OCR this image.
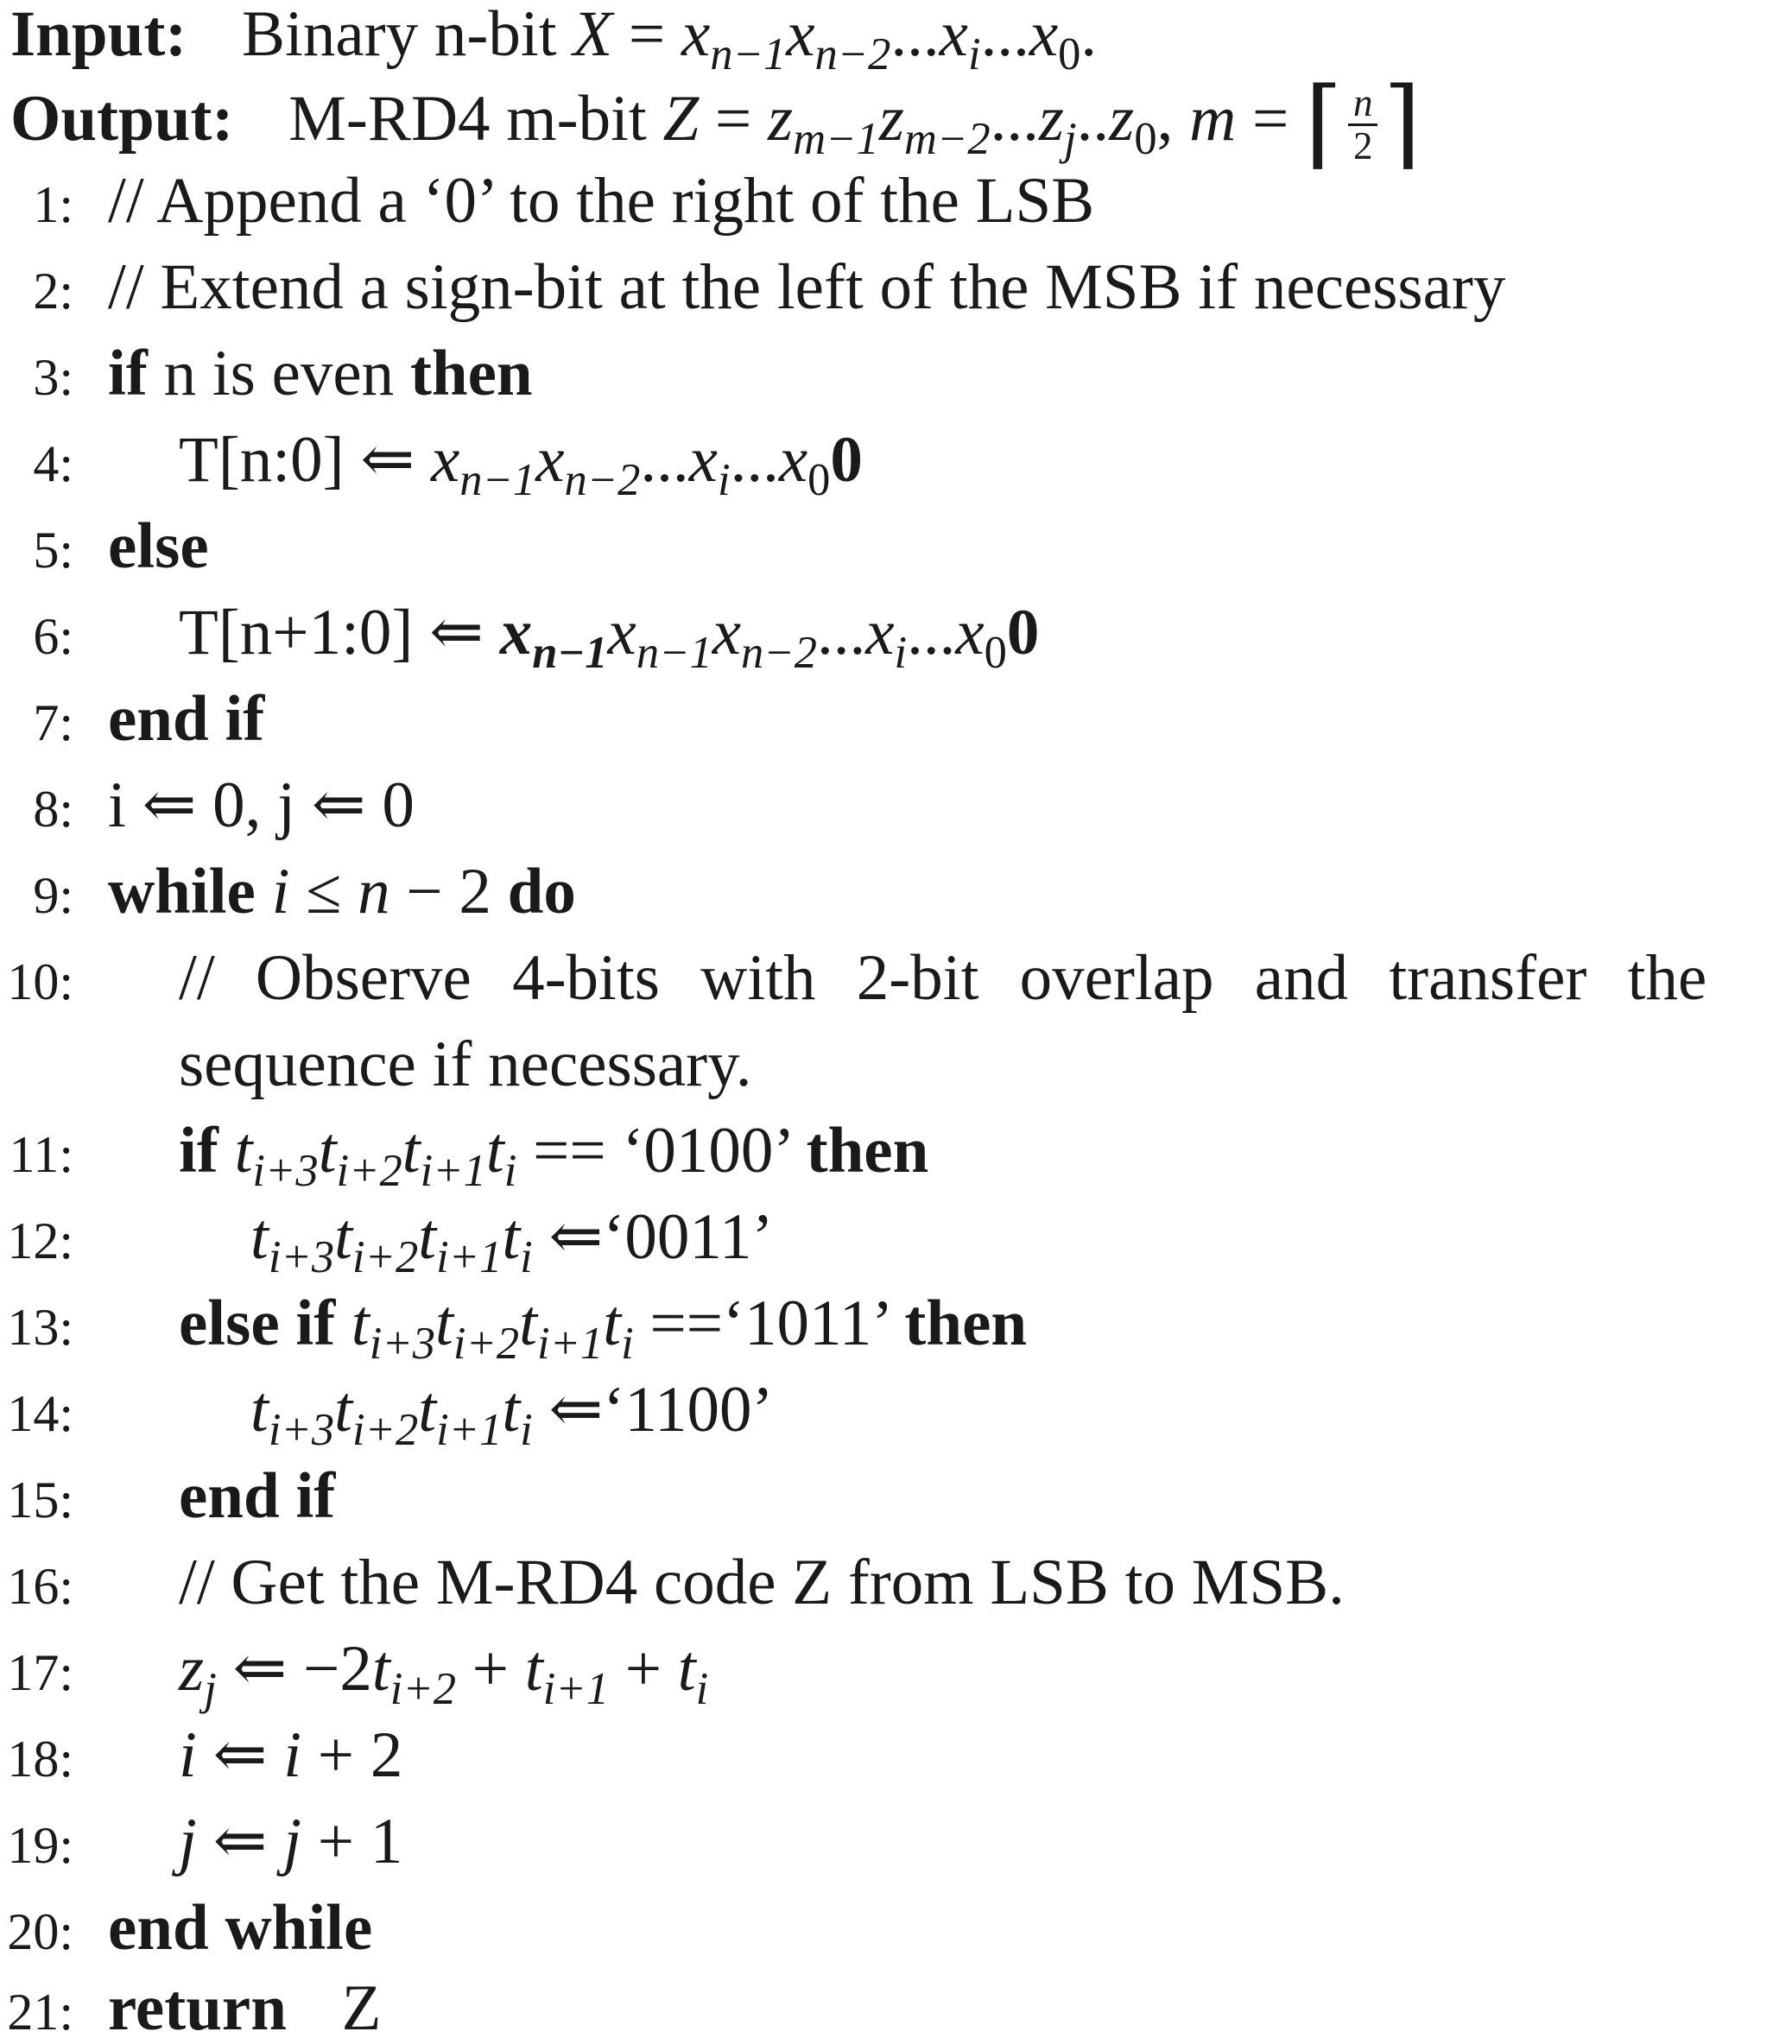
Input: Binary n-bit $X = x_{n-1}x_{n-2}...x_i...x_0$.
Output: M-RD4 m-bit $Z = z_{m-1}z_{m-2}...z_j..z_0$, m = ⌈ $\frac{n}{2}$ ⌉
1: // Append a ‘0’ to the right of the LSB
2: // Extend a sign-bit at the left of the MSB if necessary
3: if n is even then
4: T[n:0] ⇐ $x_{n-1}x_{n-2}...x_i...x_00$
5: else
6: T[n+1:0] ⇐ $x_{n-1}x_{n-1}x_{n-2}...x_i...x_00$
7: end if
8: i ⇐ 0, j ⇐ 0
9: while i ≤ n − 2 do
10: // Observe 4-bits with 2-bit overlap and transfer the
sequence if necessary.
11: if $t_{i+3}t_{i+2}t_{i+1}t_i$ == ‘0100’ then
12:	$t_{i+3}t_{i+2}t_{i+1}t_i$ ⇐‘0011’
13: else if $t_{i+3}t_{i+2}t_{i+1}t_i$ ==‘1011’ then
14:	$t_{i+3}t_{i+2}t_{i+1}t_i$ ⇐‘1100’
15: end if
16: // Get the M-RD4 code Z from LSB to MSB.
17: $z_j$ ⇐ $-2t_{i+2} + t_{i+1} + t_i$
18: i ⇐ i + 2
19: j ⇐ j + 1
20: end while
21: return Z
